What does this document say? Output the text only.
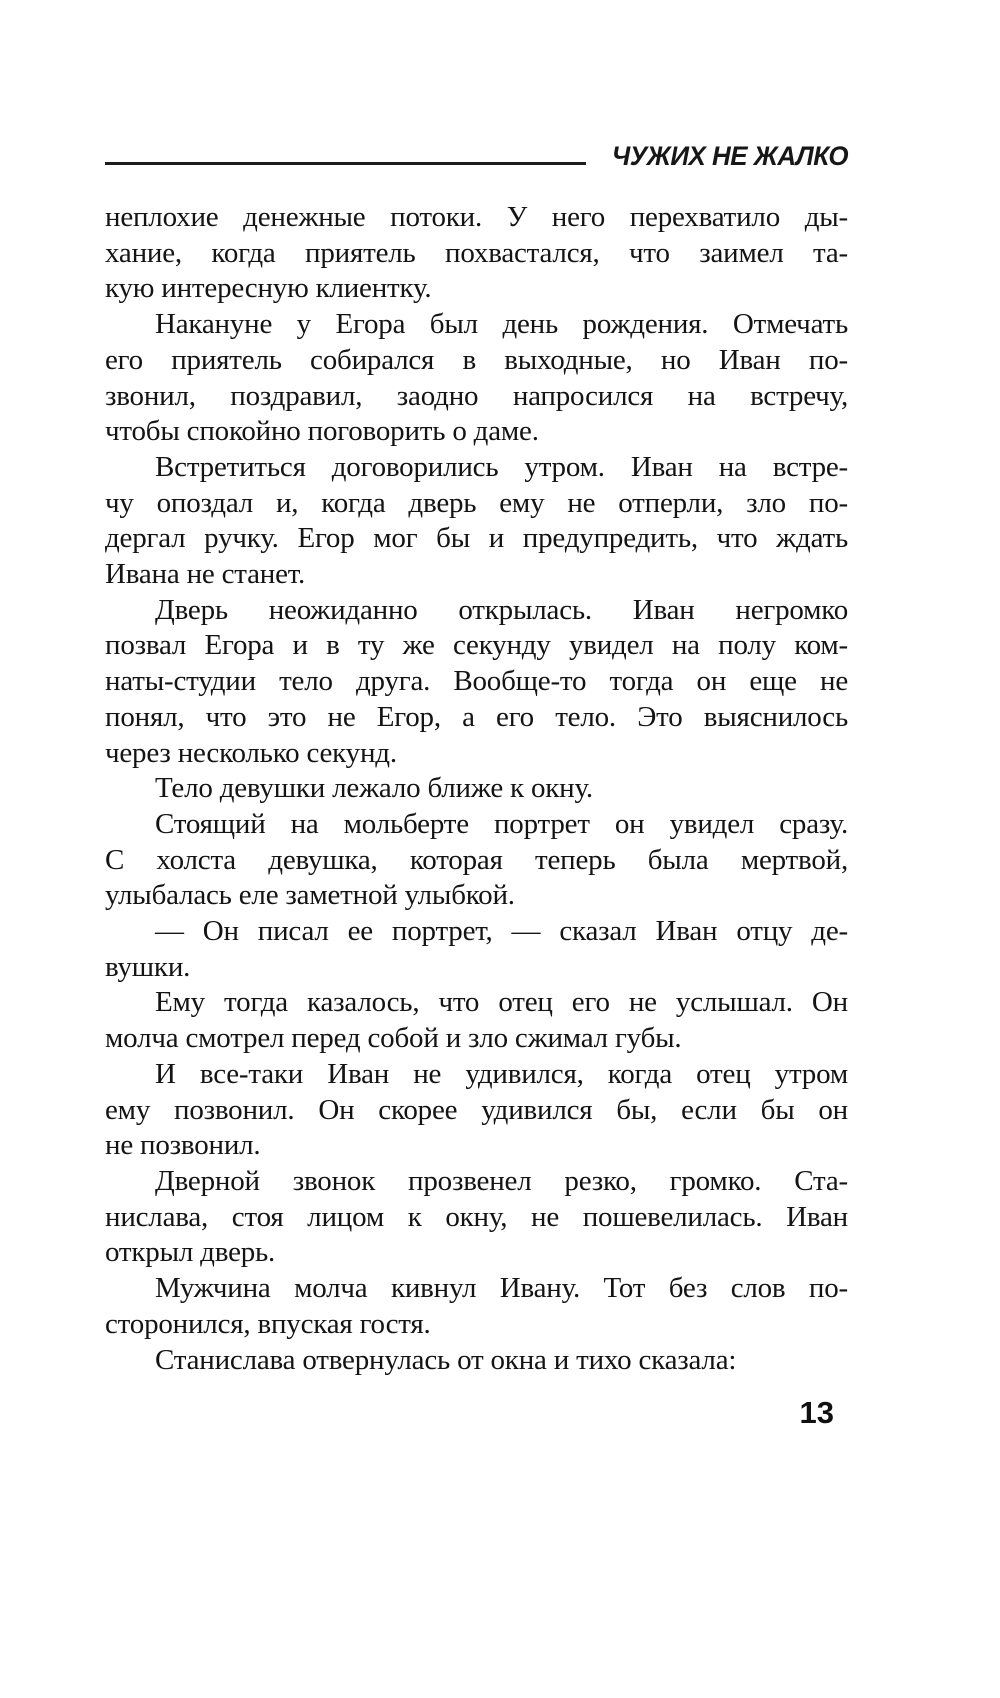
ЧУЖИХ НЕ ЖАЛКО
неплохие денежные потоки. У него перехватило ды-
хание, когда приятель похвастался, что заимел та-
кую интересную клиентку.
Накануне у Егора был день рождения. Отмечать
его приятель собирался в выходные, но Иван по-
звонил, поздравил, заодно напросился на встречу,
чтобы спокойно поговорить о даме.
Встретиться договорились утром. Иван на встре-
чу опоздал и, когда дверь ему не отперли, зло по-
дергал ручку. Егор мог бы и предупредить, что ждать
Ивана не станет.
Дверь неожиданно открылась. Иван негромко
позвал Егора и в ту же секунду увидел на полу ком-
наты-студии тело друга. Вообще-то тогда он еще не
понял, что это не Егор, а его тело. Это выяснилось
через несколько секунд.
Тело девушки лежало ближе к окну.
Стоящий на мольберте портрет он увидел сразу.
С холста девушка, которая теперь была мертвой,
улыбалась еле заметной улыбкой.
— Он писал ее портрет, — сказал Иван отцу де-
вушки.
Ему тогда казалось, что отец его не услышал. Он
молча смотрел перед собой и зло сжимал губы.
И все-таки Иван не удивился, когда отец утром
ему позвонил. Он скорее удивился бы, если бы он
не позвонил.
Дверной звонок прозвенел резко, громко. Ста-
нислава, стоя лицом к окну, не пошевелилась. Иван
открыл дверь.
Мужчина молча кивнул Ивану. Тот без слов по-
сторонился, впуская гостя.
Станислава отвернулась от окна и тихо сказала:
13
